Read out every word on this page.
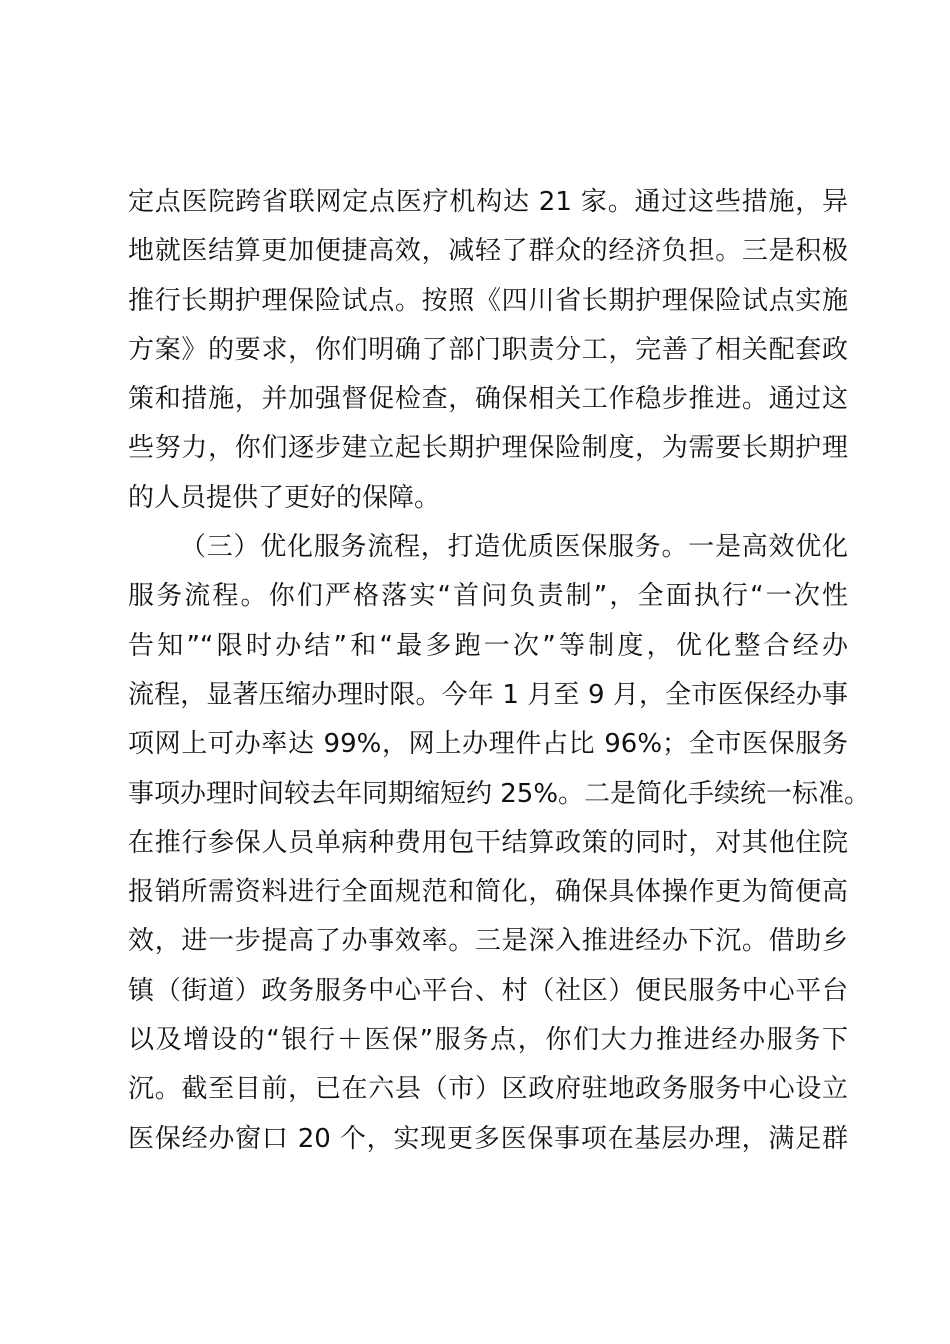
定点医院跨省联网定点医疗机构达 21 家。通过这些措施，异
地就医结算更加便捷高效，减轻了群众的经济负担。三是积极
推行长期护理保险试点。按照《四川省长期护理保险试点实施
方案》的要求，你们明确了部门职责分工，完善了相关配套政
策和措施，并加强督促检查，确保相关工作稳步推进。通过这
些努力，你们逐步建立起长期护理保险制度，为需要长期护理
的人员提供了更好的保障。
（三）优化服务流程，打造优质医保服务。一是高效优化
服务流程。你们严格落实“首问负责制”，全面执行“一次性
告知”“限时办结”和“最多跑一次”等制度，优化整合经办
流程，显著压缩办理时限。今年 1 月至 9 月，全市医保经办事
项网上可办率达 99%，网上办理件占比 96%；全市医保服务
事项办理时间较去年同期缩短约 25%。二是简化手续统一标准。
在推行参保人员单病种费用包干结算政策的同时，对其他住院
报销所需资料进行全面规范和简化，确保具体操作更为简便高
效，进一步提高了办事效率。三是深入推进经办下沉。借助乡
镇（街道）政务服务中心平台、村（社区）便民服务中心平台
以及增设的“银行＋医保”服务点，你们大力推进经办服务下
沉。截至目前，已在六县（市）区政府驻地政务服务中心设立
医保经办窗口 20 个，实现更多医保事项在基层办理，满足群
